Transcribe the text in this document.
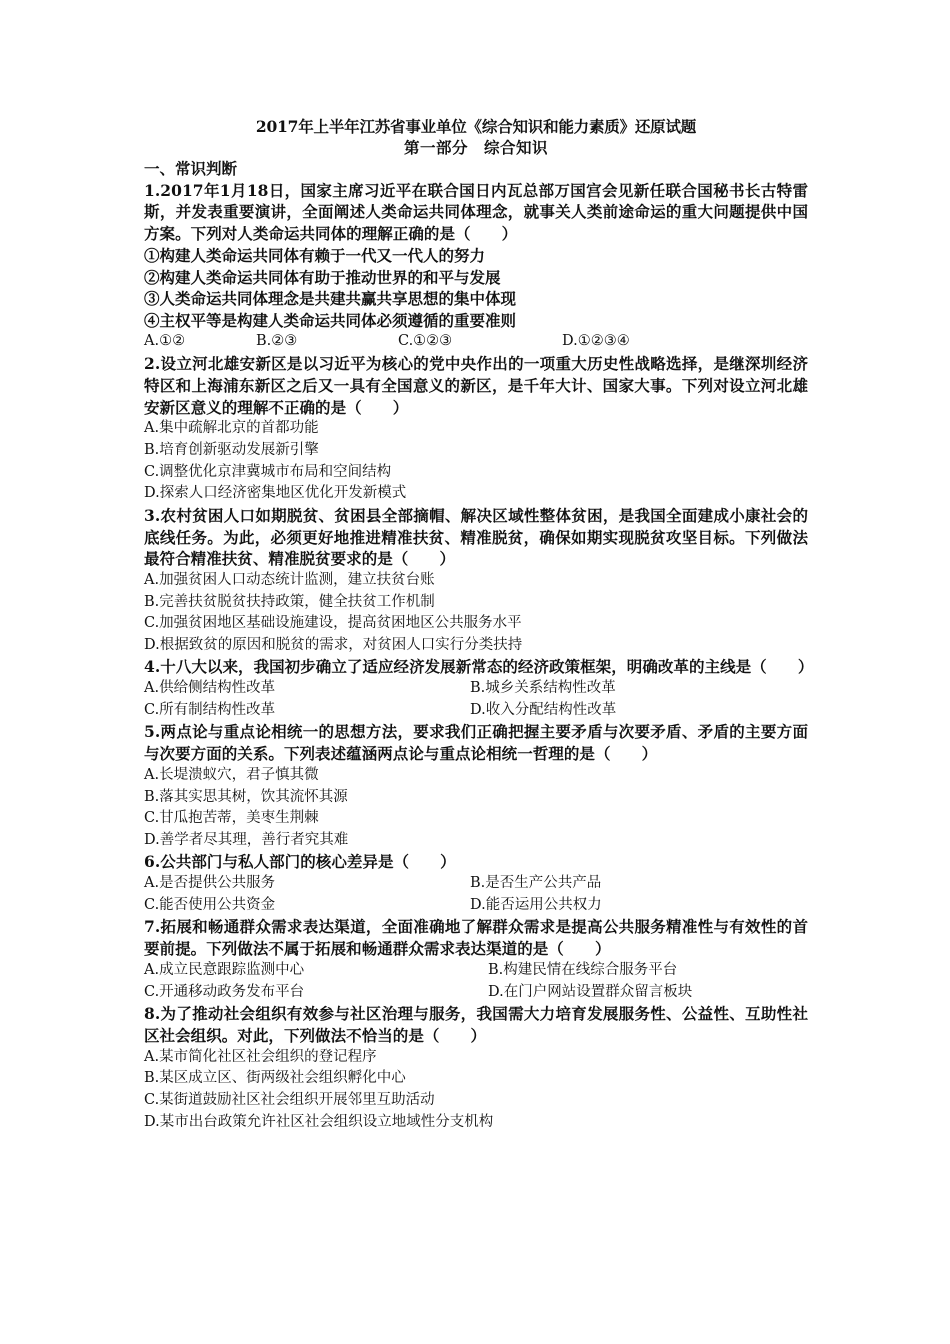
2017年上半年江苏省事业单位《综合知识和能力素质》还原试题

第一部分　综合知识

一、常识判断

1.2017年1月18日，国家主席习近平在联合国日内瓦总部万国宫会见新任联合国秘书长古特雷斯，并发表重要演讲，全面阐述人类命运共同体理念，就事关人类前途命运的重大问题提供中国方案。下列对人类命运共同体的理解正确的是（　　）

①构建人类命运共同体有赖于一代又一代人的努力

②构建人类命运共同体有助于推动世界的和平与发展

③人类命运共同体理念是共建共赢共享思想的集中体现

④主权平等是构建人类命运共同体必须遵循的重要准则

A.①②	B.②③	C.①②③	D.①②③④

2.设立河北雄安新区是以习近平为核心的党中央作出的一项重大历史性战略选择，是继深圳经济特区和上海浦东新区之后又一具有全国意义的新区，是千年大计、国家大事。下列对设立河北雄安新区意义的理解不正确的是（　　）

A.集中疏解北京的首都功能

B.培育创新驱动发展新引擎

C.调整优化京津冀城市布局和空间结构

D.探索人口经济密集地区优化开发新模式

3.农村贫困人口如期脱贫、贫困县全部摘帽、解决区域性整体贫困，是我国全面建成小康社会的底线任务。为此，必须更好地推进精准扶贫、精准脱贫，确保如期实现脱贫攻坚目标。下列做法最符合精准扶贫、精准脱贫要求的是（　　）

A.加强贫困人口动态统计监测，建立扶贫台账

B.完善扶贫脱贫扶持政策，健全扶贫工作机制

C.加强贫困地区基础设施建设，提高贫困地区公共服务水平

D.根据致贫的原因和脱贫的需求，对贫困人口实行分类扶持

4.十八大以来，我国初步确立了适应经济发展新常态的经济政策框架，明确改革的主线是（　　）

A.供给侧结构性改革	B.城乡关系结构性改革
C.所有制结构性改革	D.收入分配结构性改革

5.两点论与重点论相统一的思想方法，要求我们正确把握主要矛盾与次要矛盾、矛盾的主要方面与次要方面的关系。下列表述蕴涵两点论与重点论相统一哲理的是（　　）

A.长堤溃蚁穴，君子慎其微

B.落其实思其树，饮其流怀其源

C.甘瓜抱苦蒂，美枣生荆棘

D.善学者尽其理，善行者究其难

6.公共部门与私人部门的核心差异是（　　）

A.是否提供公共服务	B.是否生产公共产品
C.能否使用公共资金	D.能否运用公共权力

7.拓展和畅通群众需求表达渠道，全面准确地了解群众需求是提高公共服务精准性与有效性的首要前提。下列做法不属于拓展和畅通群众需求表达渠道的是（　　）

A.成立民意跟踪监测中心	B.构建民情在线综合服务平台
C.开通移动政务发布平台	D.在门户网站设置群众留言板块

8.为了推动社会组织有效参与社区治理与服务，我国需大力培育发展服务性、公益性、互助性社区社会组织。对此，下列做法不恰当的是（　　）

A.某市简化社区社会组织的登记程序

B.某区成立区、街两级社会组织孵化中心

C.某街道鼓励社区社会组织开展邻里互助活动

D.某市出台政策允许社区社会组织设立地域性分支机构
